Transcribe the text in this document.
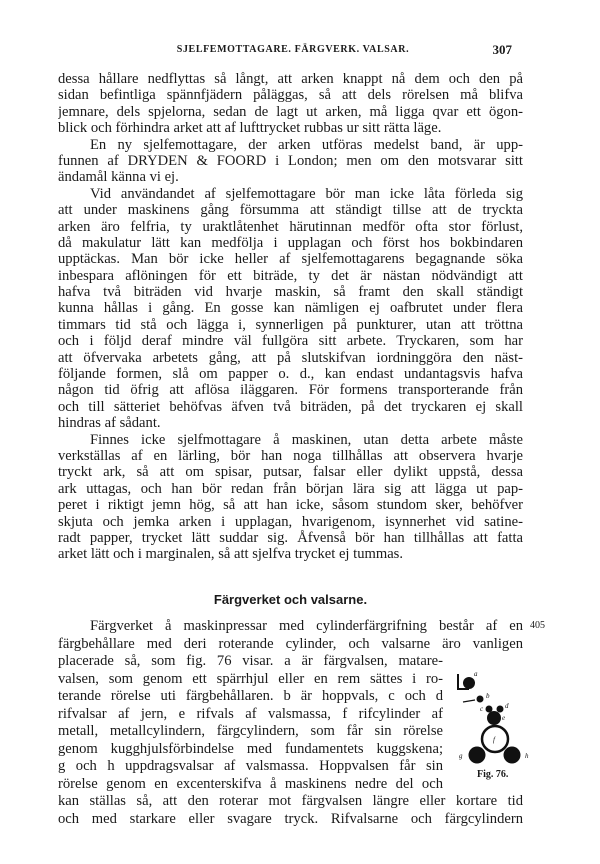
SJELFEMOTTAGARE. FÄRGVERK. VALSAR.	307
dessa hållare nedflyttas så långt, att arken knappt nå dem och den på
sidan befintliga spännfjädern påläggas, så att dels rörelsen må blifva
jemnare, dels spjelorna, sedan de lagt ut arken, må ligga qvar ett ögon-
blick och förhindra arket att af lufttrycket rubbas ur sitt rätta läge.
En ny sjelfemottagare, der arken utföras medelst band, är upp-
funnen af DRYDEN & FOORD i London; men om den motsvarar sitt
ändamål känna vi ej.
Vid användandet af sjelfemottagare bör man icke låta förleda sig
att under maskinens gång försumma att ständigt tillse att de tryckta
arken äro felfria, ty uraktlåtenhet härutinnan medför ofta stor förlust,
då makulatur lätt kan medfölja i upplagan och först hos bokbindaren
upptäckas. Man bör icke heller af sjelfemottagarens begagnande söka
inbespara aflöningen för ett biträde, ty det är nästan nödvändigt att
hafva två biträden vid hvarje maskin, så framt den skall ständigt
kunna hållas i gång. En gosse kan nämligen ej oafbrutet under flera
timmars tid stå och lägga i, synnerligen på punkturer, utan att tröttna
och i följd deraf mindre väl fullgöra sitt arbete. Tryckaren, som har
att öfvervaka arbetets gång, att på slutskifvan iordninggöra den näst-
följande formen, slå om papper o. d., kan endast undantagsvis hafva
någon tid öfrig att aflösa iläggaren. För formens transporterande från
och till sätteriet behöfvas äfven två biträden, på det tryckaren ej skall
hindras af sådant.
Finnes icke sjelfmottagare å maskinen, utan detta arbete måste
verkställas af en lärling, bör han noga tillhållas att observera hvarje
tryckt ark, så att om spisar, putsar, falsar eller dylikt uppstå, dessa
ark uttagas, och han bör redan från början lära sig att lägga ut pap-
peret i riktigt jemn hög, så att han icke, såsom stundom sker, behöfver
skjuta och jemka arken i upplagan, hvarigenom, isynnerhet vid satine-
radt papper, trycket lätt suddar sig. Åfvenså bör han tillhållas att fatta
arket lätt och i marginalen, så att sjelfva trycket ej tummas.
Färgverket och valsarne.
405
Färgverket å maskinpressar med cylinderfärgrifning består af en
färgbehållare med deri roterande cylinder, och valsarne äro vanligen
placerade så, som fig. 76 visar. a är färgvalsen, matare-
valsen, som genom ett spärrhjul eller en rem sättes i ro-
terande rörelse uti färgbehållaren. b är hoppvals, c och d
rifvalsar af jern, e rifvals af valsmassa, f rifcylinder af
metall, metallcylindern, färgcylindern, som får sin rörelse
genom kugghjulsförbindelse med fundamentets kuggskena;
g och h uppdragsvalsar af valsmassa. Hoppvalsen får sin
rörelse genom en excenterskifva å maskinens nedre del och
kan ställas så, att den roterar mot färgvalsen längre eller kortare tid
och med starkare eller svagare tryck. Rifvalsarne och färgcylindern
a
b
c	d
e
f
g	h
Fig. 76.
